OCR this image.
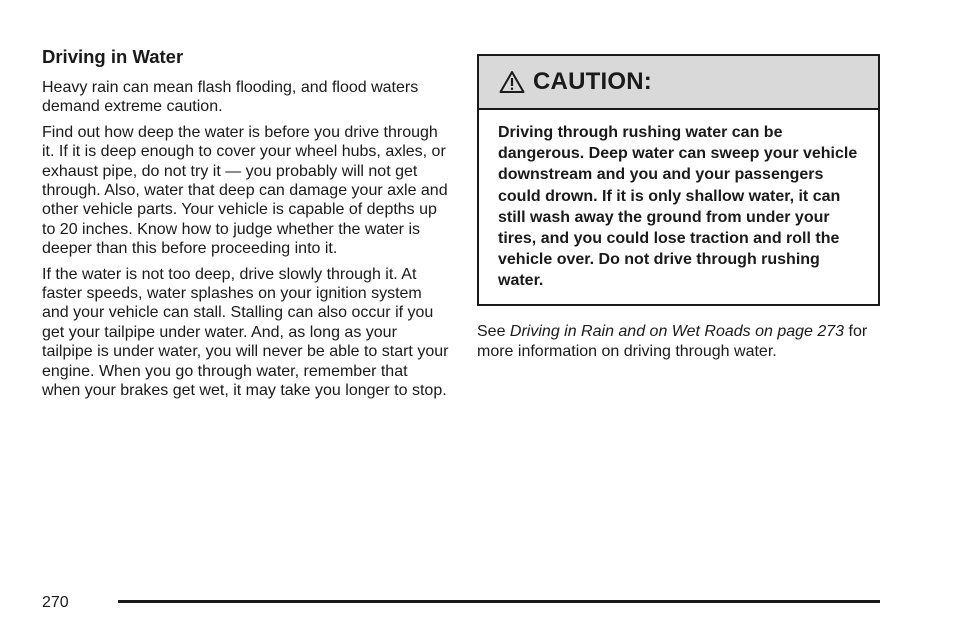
Driving in Water

Heavy rain can mean flash flooding, and flood waters demand extreme caution.

Find out how deep the water is before you drive through it. If it is deep enough to cover your wheel hubs, axles, or exhaust pipe, do not try it — you probably will not get through. Also, water that deep can damage your axle and other vehicle parts. Your vehicle is capable of depths up to 20 inches. Know how to judge whether the water is deeper than this before proceeding into it.

If the water is not too deep, drive slowly through it. At faster speeds, water splashes on your ignition system and your vehicle can stall. Stalling can also occur if you get your tailpipe under water. And, as long as your tailpipe is under water, you will never be able to start your engine. When you go through water, remember that when your brakes get wet, it may take you longer to stop.

CAUTION:
Driving through rushing water can be dangerous. Deep water can sweep your vehicle downstream and you and your passengers could drown. If it is only shallow water, it can still wash away the ground from under your tires, and you could lose traction and roll the vehicle over. Do not drive through rushing water.

See Driving in Rain and on Wet Roads on page 273 for more information on driving through water.

270
